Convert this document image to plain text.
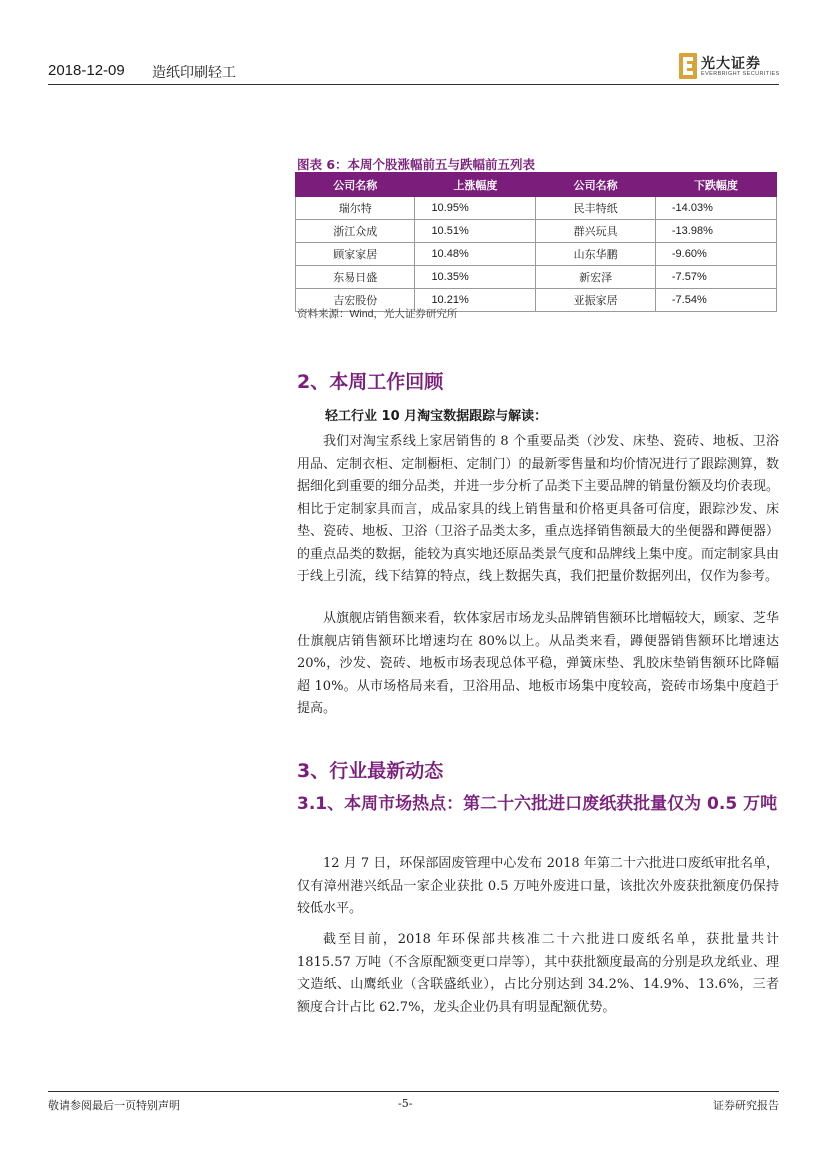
2018-12-09 造纸印刷轻工
光大证券
EVERBRIGHT SECURITIES
图表 6：本周个股涨幅前五与跌幅前五列表
公司名称	上涨幅度	公司名称	下跌幅度
瑞尔特	10.95%	民丰特纸	-14.03%
浙江众成	10.51%	群兴玩具	-13.98%
顾家家居	10.48%	山东华鹏	-9.60%
东易日盛	10.35%	新宏泽	-7.57%
吉宏股份	10.21%	亚振家居	-7.54%
资料来源：Wind，光大证券研究所
2、本周工作回顾
轻工行业 10 月淘宝数据跟踪与解读：

我们对淘宝系线上家居销售的 8 个重要品类（沙发、床垫、瓷砖、地板、卫浴用品、定制衣柜、定制橱柜、定制门）的最新零售量和均价情况进行了跟踪测算，数据细化到重要的细分品类，并进一步分析了品类下主要品牌的销量份额及均价表现。相比于定制家具而言，成品家具的线上销售量和价格更具备可信度，跟踪沙发、床垫、瓷砖、地板、卫浴（卫浴子品类太多，重点选择销售额最大的坐便器和蹲便器）的重点品类的数据，能较为真实地还原品类景气度和品牌线上集中度。而定制家具由于线上引流，线下结算的特点，线上数据失真，我们把量价数据列出，仅作为参考。

从旗舰店销售额来看，软体家居市场龙头品牌销售额环比增幅较大，顾家、芝华仕旗舰店销售额环比增速均在 80%以上。从品类来看，蹲便器销售额环比增速达 20%，沙发、瓷砖、地板市场表现总体平稳，弹簧床垫、乳胶床垫销售额环比降幅超 10%。从市场格局来看，卫浴用品、地板市场集中度较高，瓷砖市场集中度趋于提高。

3、行业最新动态
3.1、本周市场热点：第二十六批进口废纸获批量仅为 0.5 万吨

12 月 7 日，环保部固废管理中心发布 2018 年第二十六批进口废纸审批名单，仅有漳州港兴纸品一家企业获批 0.5 万吨外废进口量，该批次外废获批额度仍保持较低水平。

截至目前，2018 年环保部共核准二十六批进口废纸名单，获批量共计 1815.57 万吨（不含原配额变更口岸等），其中获批额度最高的分别是玖龙纸业、理文造纸、山鹰纸业（含联盛纸业），占比分别达到 34.2%、14.9%、13.6%，三者额度合计占比 62.7%，龙头企业仍具有明显配额优势。

敬请参阅最后一页特别声明	-5-	证券研究报告
